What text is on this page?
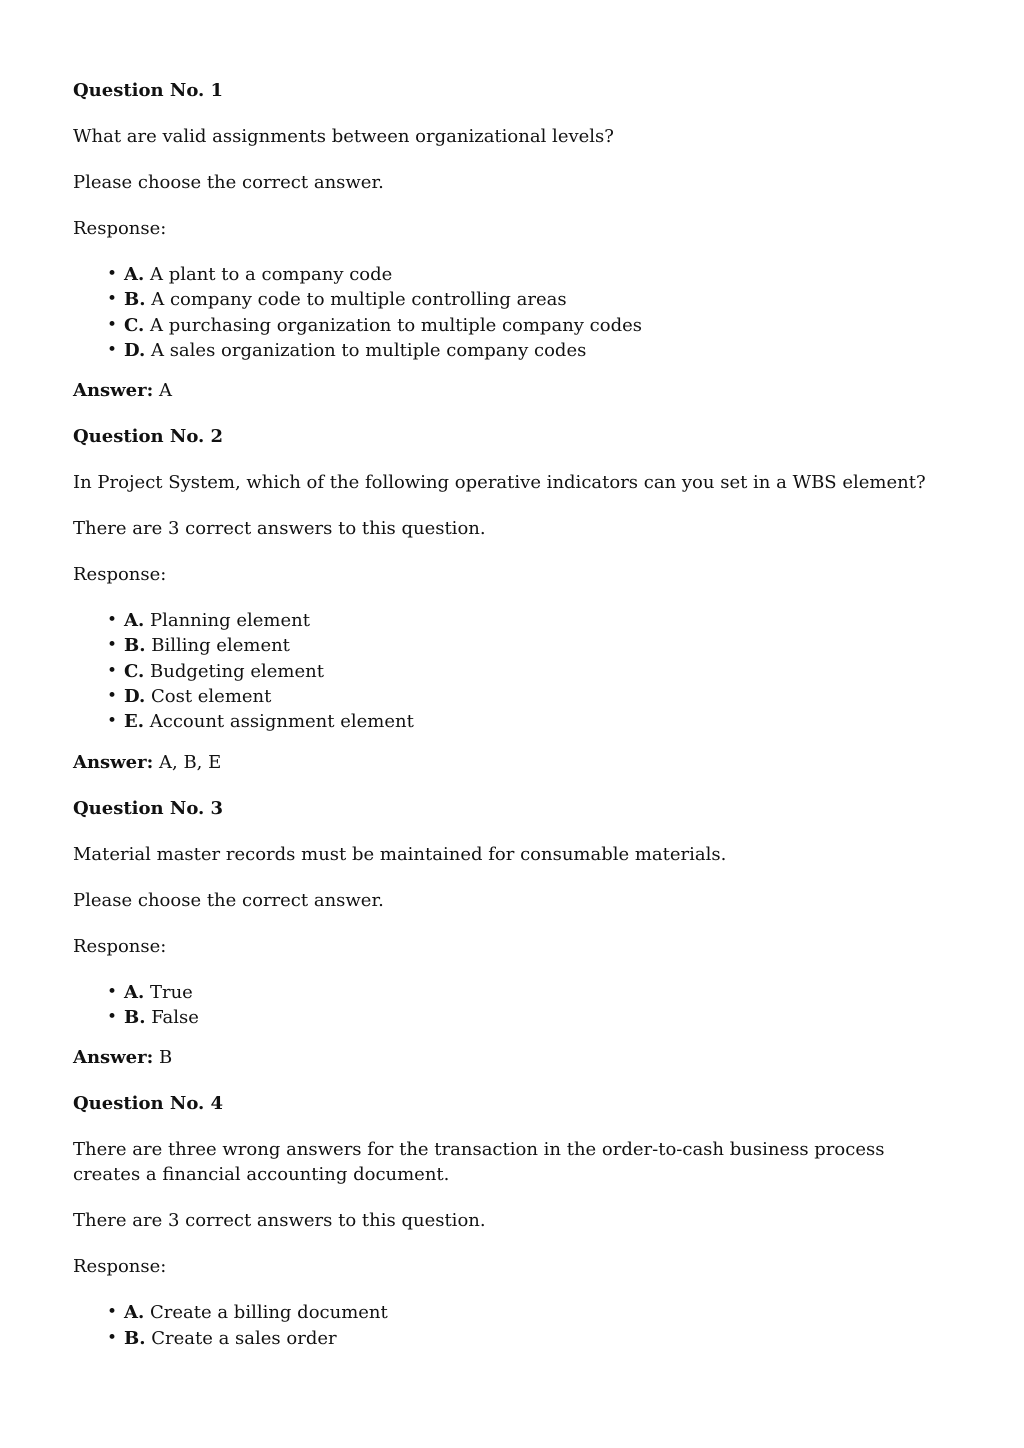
Question No. 1
What are valid assignments between organizational levels?
Please choose the correct answer.
Response:
• A. A plant to a company code
• B. A company code to multiple controlling areas
• C. A purchasing organization to multiple company codes
• D. A sales organization to multiple company codes
Answer: A
Question No. 2
In Project System, which of the following operative indicators can you set in a WBS element?
There are 3 correct answers to this question.
Response:
• A. Planning element
• B. Billing element
• C. Budgeting element
• D. Cost element
• E. Account assignment element
Answer: A, B, E
Question No. 3
Material master records must be maintained for consumable materials.
Please choose the correct answer.
Response:
• A. True
• B. False
Answer: B
Question No. 4
There are three wrong answers for the transaction in the order-to-cash business process creates a financial accounting document.
There are 3 correct answers to this question.
Response:
• A. Create a billing document
• B. Create a sales order
